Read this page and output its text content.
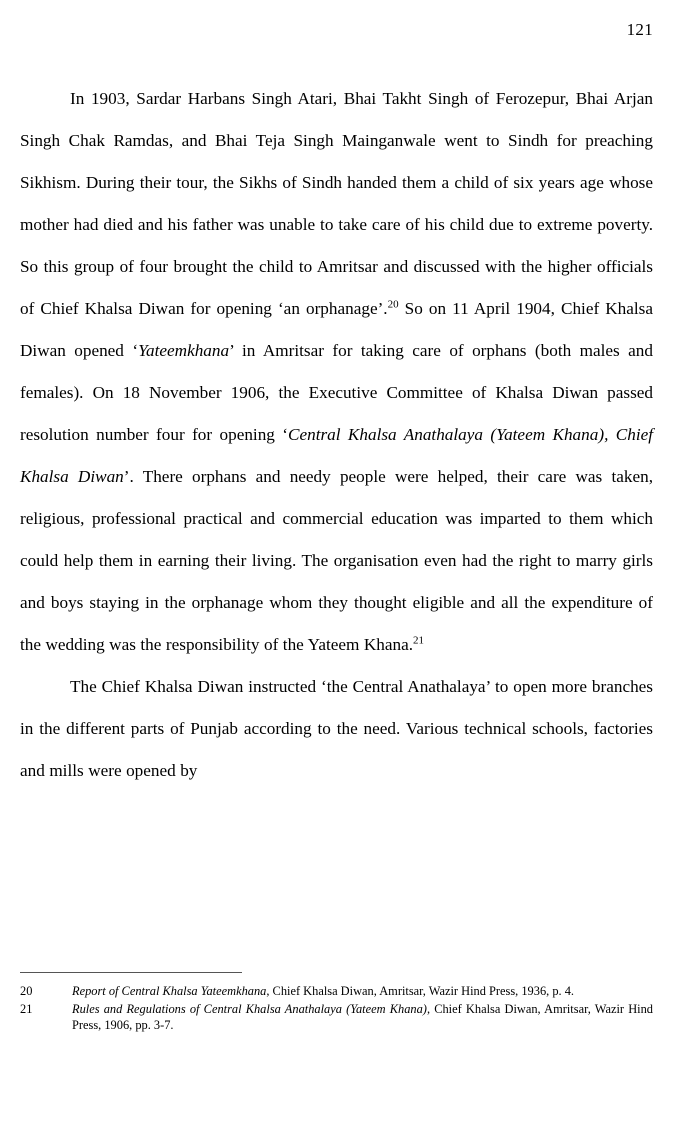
121

In 1903, Sardar Harbans Singh Atari, Bhai Takht Singh of Ferozepur, Bhai Arjan Singh Chak Ramdas, and Bhai Teja Singh Mainganwale went to Sindh for preaching Sikhism. During their tour, the Sikhs of Sindh handed them a child of six years age whose mother had died and his father was unable to take care of his child due to extreme poverty. So this group of four brought the child to Amritsar and discussed with the higher officials of Chief Khalsa Diwan for opening ‘an orphanage’.$^{20}$ So on 11 April 1904, Chief Khalsa Diwan opened ‘Yateemkhana’ in Amritsar for taking care of orphans (both males and females). On 18 November 1906, the Executive Committee of Khalsa Diwan passed resolution number four for opening ‘Central Khalsa Anathalaya (Yateem Khana), Chief Khalsa Diwan’. There orphans and needy people were helped, their care was taken, religious, professional practical and commercial education was imparted to them which could help them in earning their living. The organisation even had the right to marry girls and boys staying in the orphanage whom they thought eligible and all the expenditure of the wedding was the responsibility of the Yateem Khana.$^{21}$

The Chief Khalsa Diwan instructed ‘the Central Anathalaya’ to open more branches in the different parts of Punjab according to the need. Various technical schools, factories and mills were opened by

20	Report of Central Khalsa Yateemkhana, Chief Khalsa Diwan, Amritsar, Wazir Hind Press, 1936, p. 4.
21	Rules and Regulations of Central Khalsa Anathalaya (Yateem Khana), Chief Khalsa Diwan, Amritsar, Wazir Hind Press, 1906, pp. 3-7.
